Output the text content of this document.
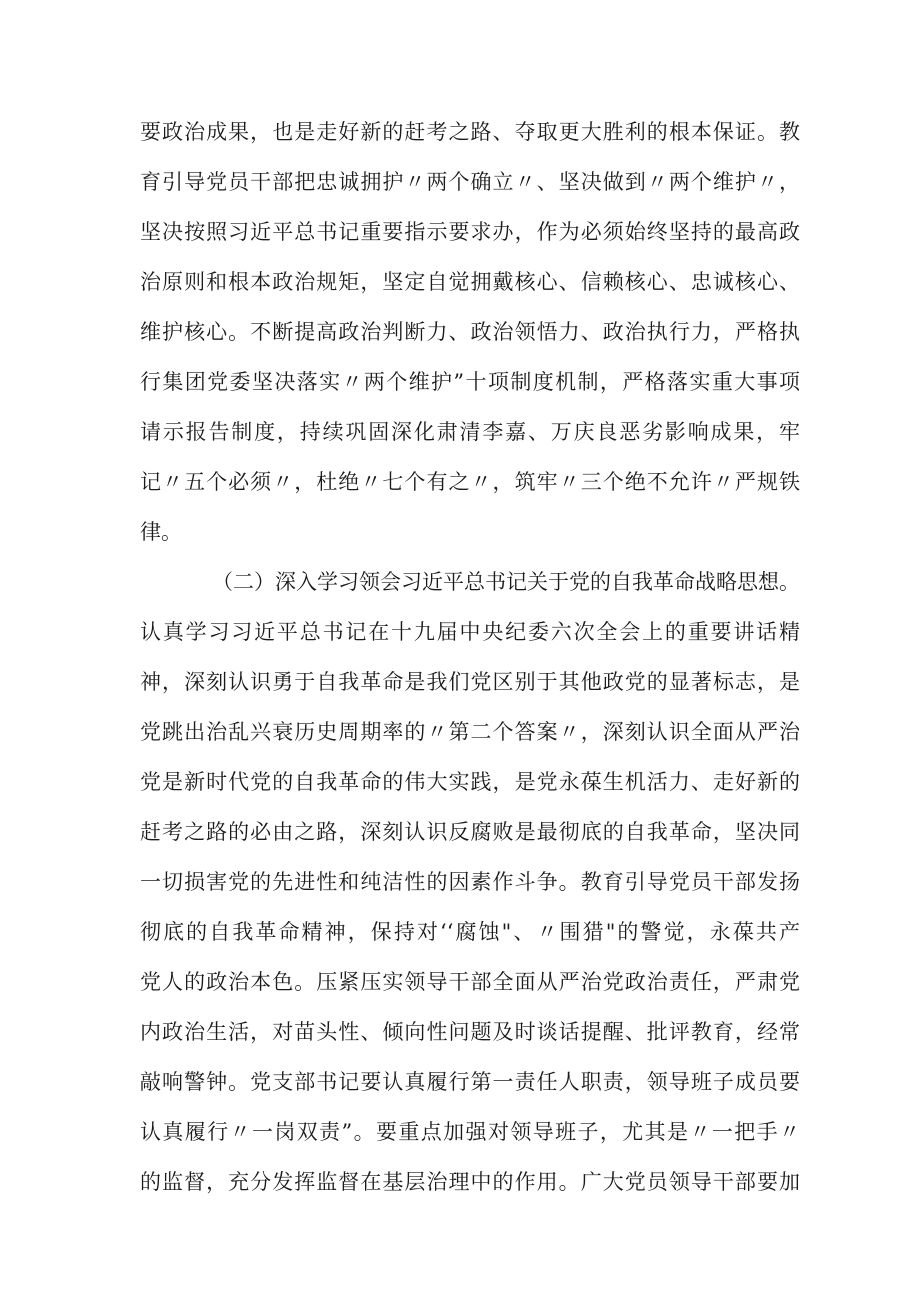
要政治成果，也是走好新的赶考之路、夺取更大胜利的根本保证。教
育引导党员干部把忠诚拥护〃两个确立〃、坚决做到〃两个维护〃，
坚决按照习近平总书记重要指示要求办，作为必须始终坚持的最高政
治原则和根本政治规矩，坚定自觉拥戴核心、信赖核心、忠诚核心、
维护核心。不断提高政治判断力、政治领悟力、政治执行力，严格执
行集团党委坚决落实〃两个维护”十项制度机制，严格落实重大事项
请示报告制度，持续巩固深化肃清李嘉、万庆良恶劣影响成果，牢
记〃五个必须〃，杜绝〃七个有之〃，筑牢〃三个绝不允许〃严规铁
律。
（二）深入学习领会习近平总书记关于党的自我革命战略思想。
认真学习习近平总书记在十九届中央纪委六次全会上的重要讲话精
神，深刻认识勇于自我革命是我们党区别于其他政党的显著标志，是
党跳出治乱兴衰历史周期率的〃第二个答案〃，深刻认识全面从严治
党是新时代党的自我革命的伟大实践，是党永葆生机活力、走好新的
赶考之路的必由之路，深刻认识反腐败是最彻底的自我革命，坚决同
一切损害党的先进性和纯洁性的因素作斗争。教育引导党员干部发扬
彻底的自我革命精神，保持对‘‘腐蚀"、〃围猎"的警觉，永葆共产
党人的政治本色。压紧压实领导干部全面从严治党政治责任，严肃党
内政治生活，对苗头性、倾向性问题及时谈话提醒、批评教育，经常
敲响警钟。党支部书记要认真履行第一责任人职责，领导班子成员要
认真履行〃一岗双责”。要重点加强对领导班子，尤其是〃一把手〃
的监督，充分发挥监督在基层治理中的作用。广大党员领导干部要加
